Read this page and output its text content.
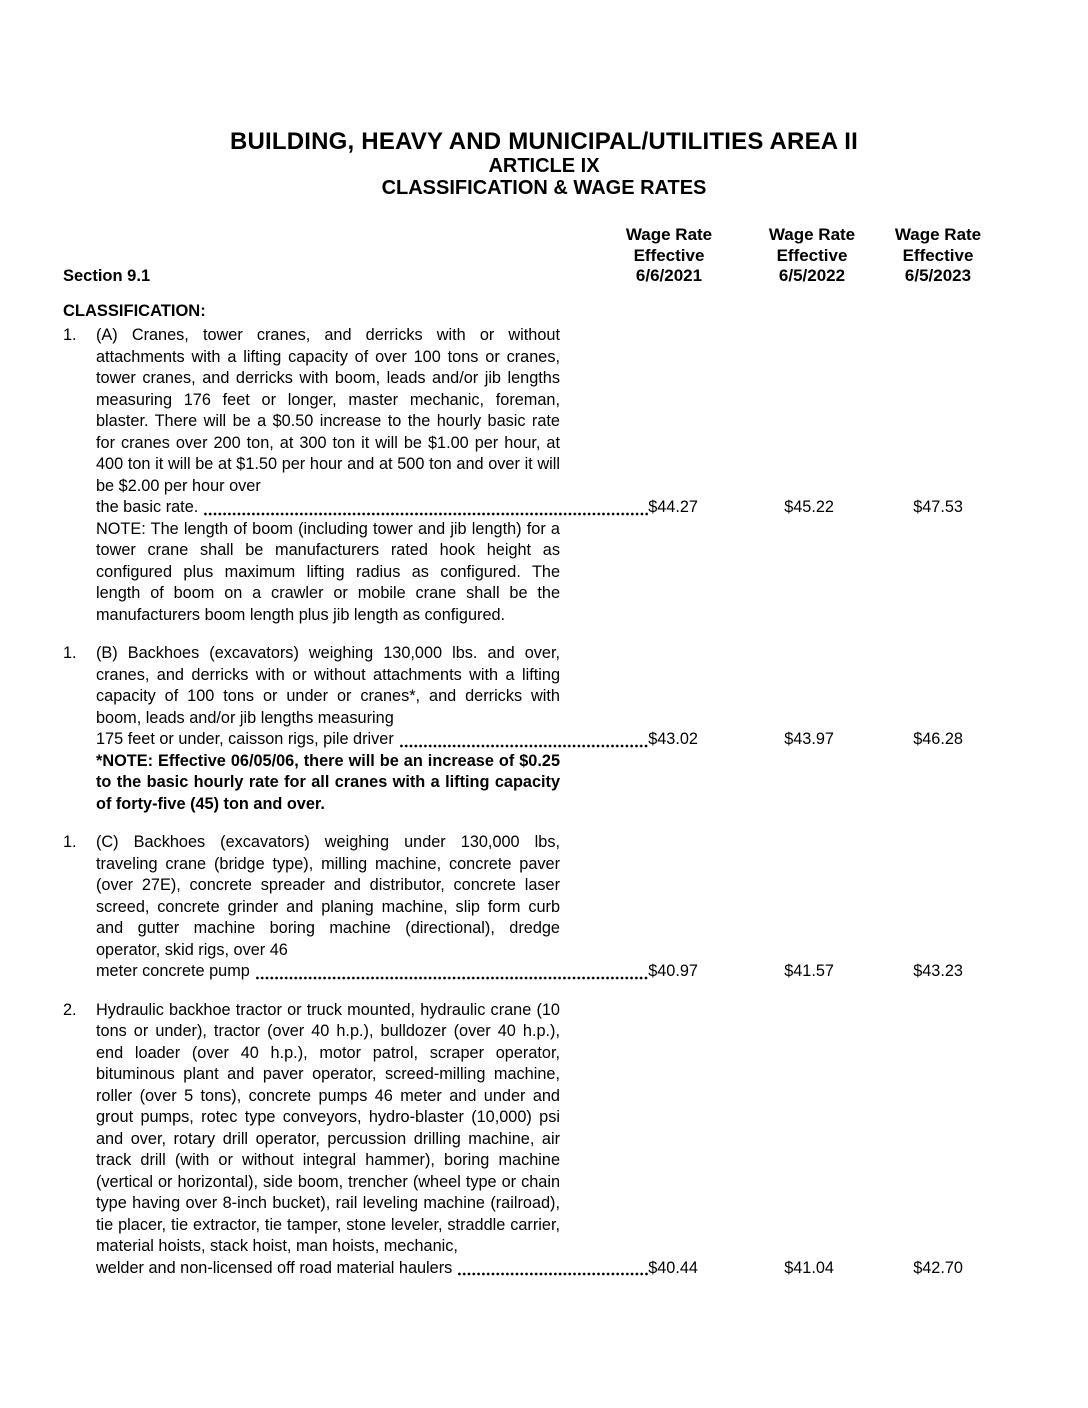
BUILDING, HEAVY AND MUNICIPAL/UTILITIES AREA II
ARTICLE IX
CLASSIFICATION & WAGE RATES
Section 9.1
Wage Rate
Effective
6/6/2021
Wage Rate
Effective
6/5/2022
Wage Rate
Effective
6/5/2023
CLASSIFICATION:
1.	(A) Cranes, tower cranes, and derricks with or without attachments with a lifting capacity of over 100 tons or cranes, tower cranes, and derricks with boom, leads and/or jib lengths measuring 176 feet or longer, master mechanic, foreman, blaster. There will be a $0.50 increase to the hourly basic rate for cranes over 200 ton, at 300 ton it will be $1.00 per hour, at 400 ton it will be at $1.50 per hour and at 500 ton and over it will be $2.00 per hour over
the basic rate.	$44.27	$45.22	$47.53
NOTE: The length of boom (including tower and jib length) for a tower crane shall be manufacturers rated hook height as configured plus maximum lifting radius as configured. The length of boom on a crawler or mobile crane shall be the manufacturers boom length plus jib length as configured.
1.	(B) Backhoes (excavators) weighing 130,000 lbs. and over, cranes, and derricks with or without attachments with a lifting capacity of 100 tons or under or cranes*, and derricks with boom, leads and/or jib lengths measuring
175 feet or under, caisson rigs, pile driver	$43.02	$43.97	$46.28
*NOTE: Effective 06/05/06, there will be an increase of $0.25 to the basic hourly rate for all cranes with a lifting capacity of forty-five (45) ton and over.
1.	(C) Backhoes (excavators) weighing under 130,000 lbs, traveling crane (bridge type), milling machine, concrete paver (over 27E), concrete spreader and distributor, concrete laser screed, concrete grinder and planing machine, slip form curb and gutter machine boring machine (directional), dredge operator, skid rigs, over 46
meter concrete pump	$40.97	$41.57	$43.23
2.	Hydraulic backhoe tractor or truck mounted, hydraulic crane (10 tons or under), tractor (over 40 h.p.), bulldozer (over 40 h.p.), end loader (over 40 h.p.), motor patrol, scraper operator, bituminous plant and paver operator, screed-milling machine, roller (over 5 tons), concrete pumps 46 meter and under and grout pumps, rotec type conveyors, hydro-blaster (10,000) psi and over, rotary drill operator, percussion drilling machine, air track drill (with or without integral hammer), boring machine (vertical or horizontal), side boom, trencher (wheel type or chain type having over 8-inch bucket), rail leveling machine (railroad), tie placer, tie extractor, tie tamper, stone leveler, straddle carrier, material hoists, stack hoist, man hoists, mechanic,
welder and non-licensed off road material haulers	$40.44	$41.04	$42.70
